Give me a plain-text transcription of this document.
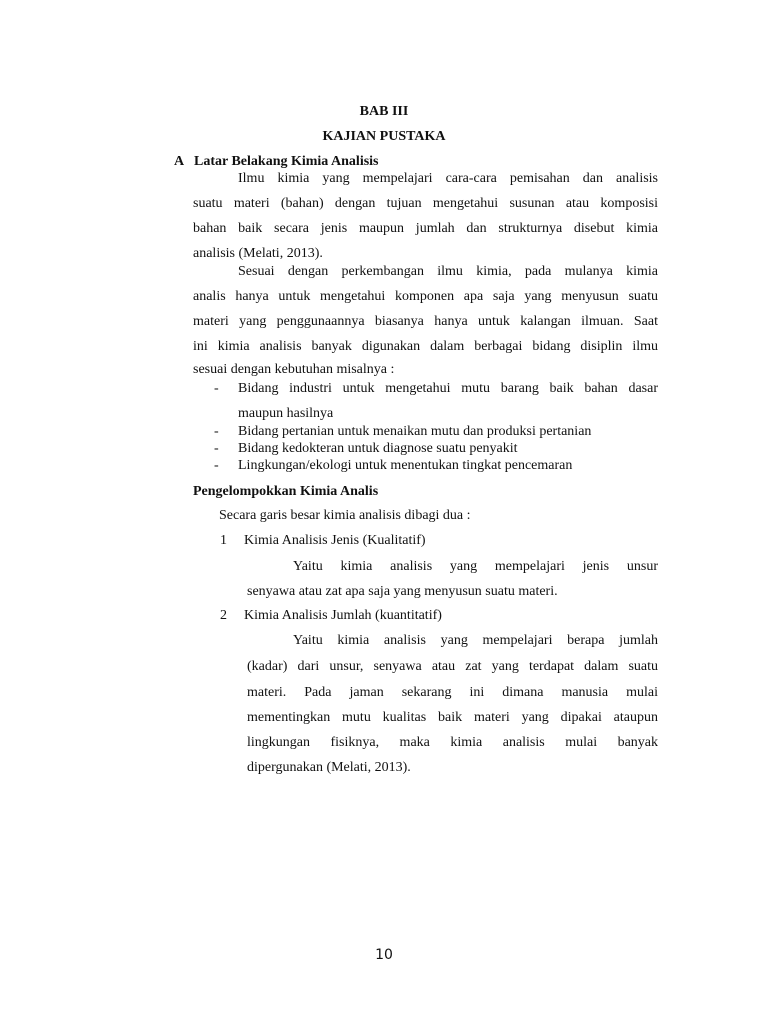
BAB III
KAJIAN PUSTAKA
A Latar Belakang Kimia Analisis
Ilmu kimia yang mempelajari cara-cara pemisahan dan analisis
suatu materi (bahan) dengan tujuan mengetahui susunan atau komposisi
bahan baik secara jenis maupun jumlah dan strukturnya disebut kimia
analisis (Melati, 2013).
Sesuai dengan perkembangan ilmu kimia, pada mulanya kimia
analis hanya untuk mengetahui komponen apa saja yang menyusun suatu
materi yang penggunaannya biasanya hanya untuk kalangan ilmuan. Saat
ini kimia analisis banyak digunakan dalam berbagai bidang disiplin ilmu
sesuai dengan kebutuhan misalnya :
- Bidang industri untuk mengetahui mutu barang baik bahan dasar
maupun hasilnya
- Bidang pertanian untuk menaikan mutu dan produksi pertanian
- Bidang kedokteran untuk diagnose suatu penyakit
- Lingkungan/ekologi untuk menentukan tingkat pencemaran
Pengelompokkan Kimia Analis
Secara garis besar kimia analisis dibagi dua :
1 Kimia Analisis Jenis (Kualitatif)
Yaitu kimia analisis yang mempelajari jenis unsur
senyawa atau zat apa saja yang menyusun suatu materi.
2 Kimia Analisis Jumlah (kuantitatif)
Yaitu kimia analisis yang mempelajari berapa jumlah
(kadar) dari unsur, senyawa atau zat yang terdapat dalam suatu
materi. Pada jaman sekarang ini dimana manusia mulai
mementingkan mutu kualitas baik materi yang dipakai ataupun
lingkungan fisiknya, maka kimia analisis mulai banyak
dipergunakan (Melati, 2013).
10
